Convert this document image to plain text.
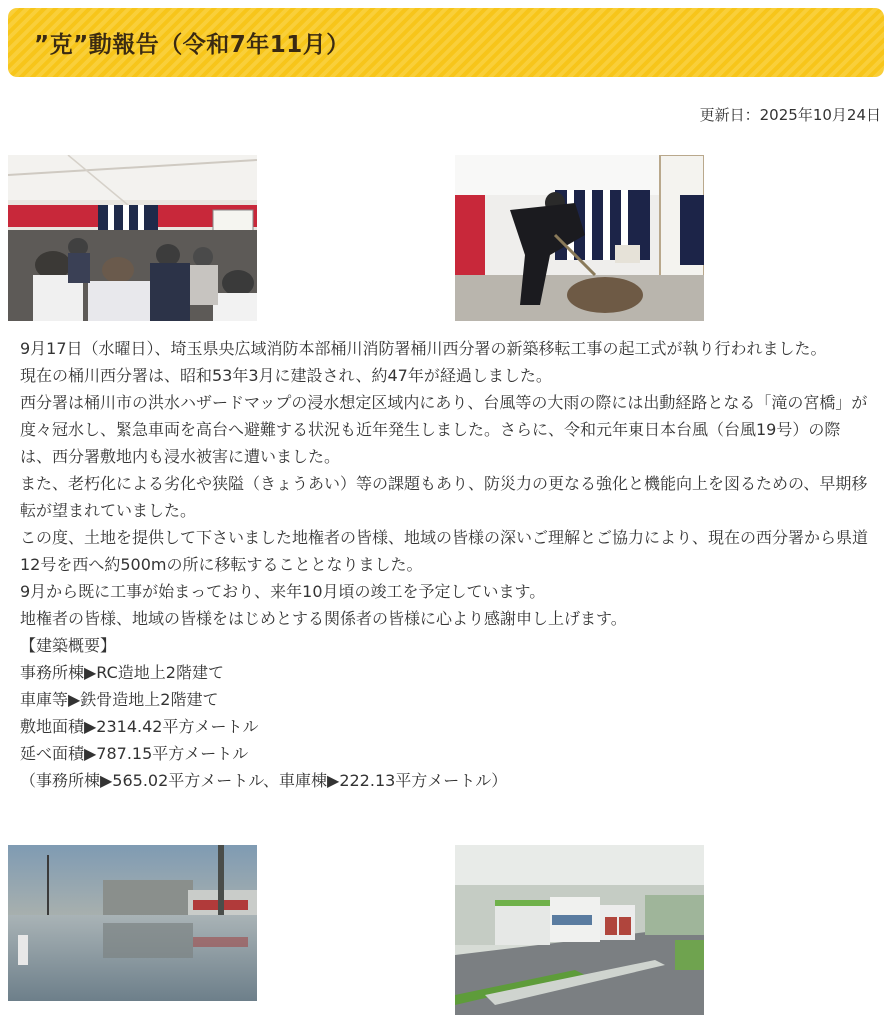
”克”動報告（令和7年11月）
更新日：2025年10月24日

9月17日（水曜日）、埼玉県央広域消防本部桶川消防署桶川西分署の新築移転工事の起工式が執り行われました。

現在の桶川西分署は、昭和53年3月に建設され、約47年が経過しました。

西分署は桶川市の洪水ハザードマップの浸水想定区域内にあり、台風等の大雨の際には出動経路となる「滝の宮橋」が度々冠水し、緊急車両を高台へ避難する状況も近年発生しました。さらに、令和元年東日本台風（台風19号）の際は、西分署敷地内も浸水被害に遭いました。

また、老朽化による劣化や狭隘（きょうあい）等の課題もあり、防災力の更なる強化と機能向上を図るための、早期移転が望まれていました。

この度、土地を提供して下さいました地権者の皆様、地域の皆様の深いご理解とご協力により、現在の西分署から県道12号を西へ約500mの所に移転することとなりました。

9月から既に工事が始まっており、来年10月頃の竣工を予定しています。

地権者の皆様、地域の皆様をはじめとする関係者の皆様に心より感謝申し上げます。

【建築概要】

事務所棟▶RC造地上2階建て

車庫等▶鉄骨造地上2階建て

敷地面積▶2314.42平方メートル

延べ面積▶787.15平方メートル

（事務所棟▶565.02平方メートル、車庫棟▶222.13平方メートル）
